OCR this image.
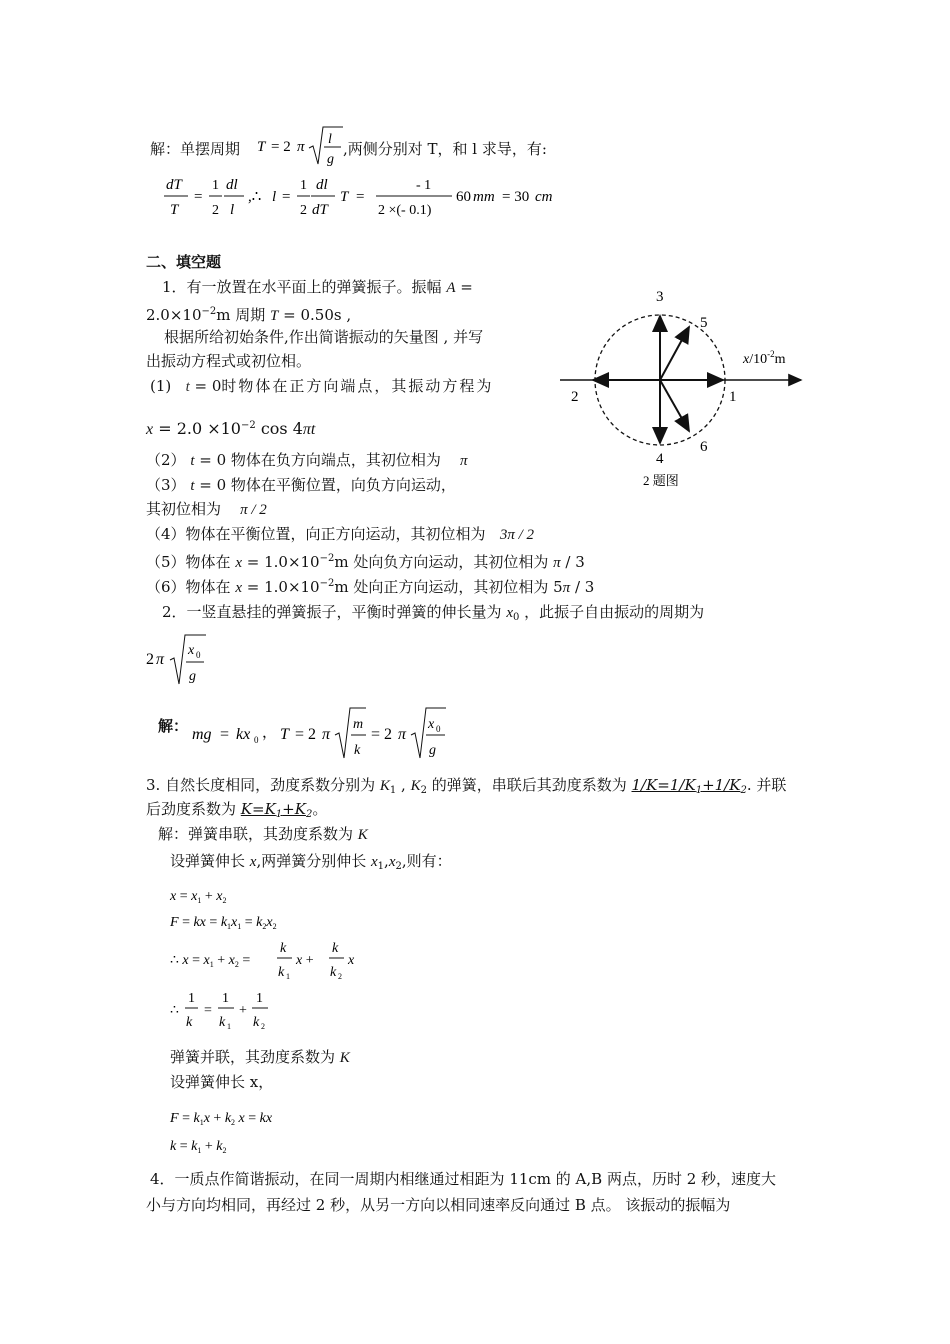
解：单摆周期 T = 2 π l
g
,两侧分别对 T，和 l 求导，有:
dT
T
=
1
2
dl
l
,∴ l =
1
2
dl
dT
T =
- 1
2 ×(- 0.1)
60 mm = 30 cm
二、填空题
1．有一放置在水平面上的弹簧振子。振幅 A =
$2.0\times 10^{-2}m$ 周期 T = 0.50s ,
根据所给初始条件,作出简谐振动的矢量图 , 并写
出振动方程式或初位相。
(1) t = 0时物体在正方向端点，其振动方程为
$x = 2.0 \times 10^{-2}$ cos 4πt
（2） t = 0 物体在负方向端点，其初位相为 π
（3） t = 0 物体在平衡位置，向负方向运动，
其初位相为 π / 2
（4）物体在平衡位置，向正方向运动，其初位相为 3π / 2
（5）物体在 $x = 1.0\times 10^{-2}m$ 处向负方向运动，其初位相为 π / 3
（6）物体在 $x = 1.0\times 10^{-2}m$ 处向正方向运动，其初位相为 5π / 3
1
2
3
4
5
6
$x/10^{-2}m$
2 题图
2．一竖直悬挂的弹簧振子，平衡时弹簧的伸长量为 $x_0$ ，此振子自由振动的周期为
2 π
x 0
g
解： mg = kx 0 ， T = 2 π
m
k
= 2 π
x 0
g
3. 自然长度相同，劲度系数分别为 $K_1$ , $K_2$ 的弹簧，串联后其劲度系数为 $1/K=1/K_1+1/K_2$. 并联
后劲度系数为 $K=K_1+K_2$。
解：弹簧串联，其劲度系数为 K
设弹簧伸长 x,两弹簧分别伸长 $x_1,x_2$,则有：
$x = x_1 + x_2$
F = kx = $k_1x_1 = k_2x_2$
∴ $x = x_1 + x_2$ =
k
k 1
x +
k
k 2
x
∴
1
k
=
1
k 1
+
1
k 2
弹簧并联，其劲度系数为 K
设弹簧伸长 x，
$F = k_1x + k_2$ x = kx
$k = k_1 + k_2$
4．一质点作简谐振动，在同一周期内相继通过相距为 11cm 的 A,B 两点，历时 2 秒，速度大
小与方向均相同，再经过 2 秒，从另一方向以相同速率反向通过 B 点。 该振动的振幅为
